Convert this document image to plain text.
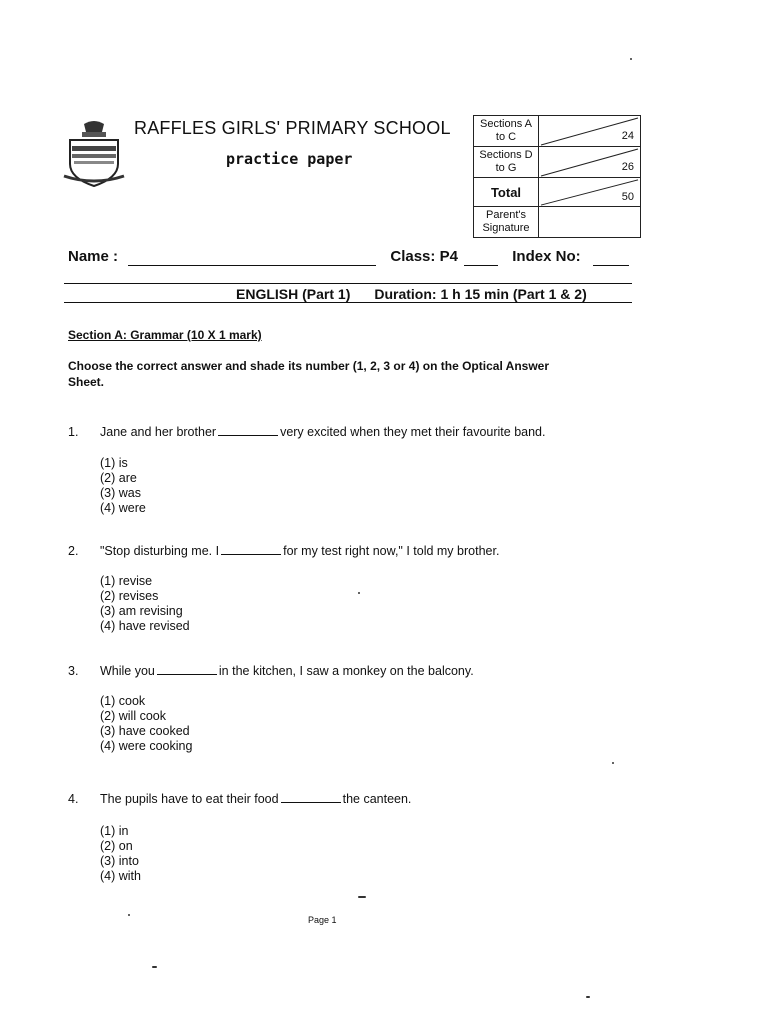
RAFFLES GIRLS' PRIMARY SCHOOL
practice paper
Sections A to C	24
Sections D to G	26
Total	50
Parent's Signature	
Name :	Class: P4	Index No:
ENGLISH (Part 1) Duration: 1 h 15 min (Part 1 & 2)
Section A: Grammar (10 X 1 mark)
Choose the correct answer and shade its number (1, 2, 3 or 4) on the Optical Answer Sheet.
1. Jane and her brother	very excited when they met their favourite band.
(1) is
(2) are
(3) was
(4) were
2. "Stop disturbing me. I	for my test right now," I told my brother.
(1) revise
(2) revises
(3) am revising
(4) have revised
3. While you	in the kitchen, I saw a monkey on the balcony.
(1) cook
(2) will cook
(3) have cooked
(4) were cooking
4. The pupils have to eat their food	the canteen.
(1) in
(2) on
(3) into
(4) with
Page 1
